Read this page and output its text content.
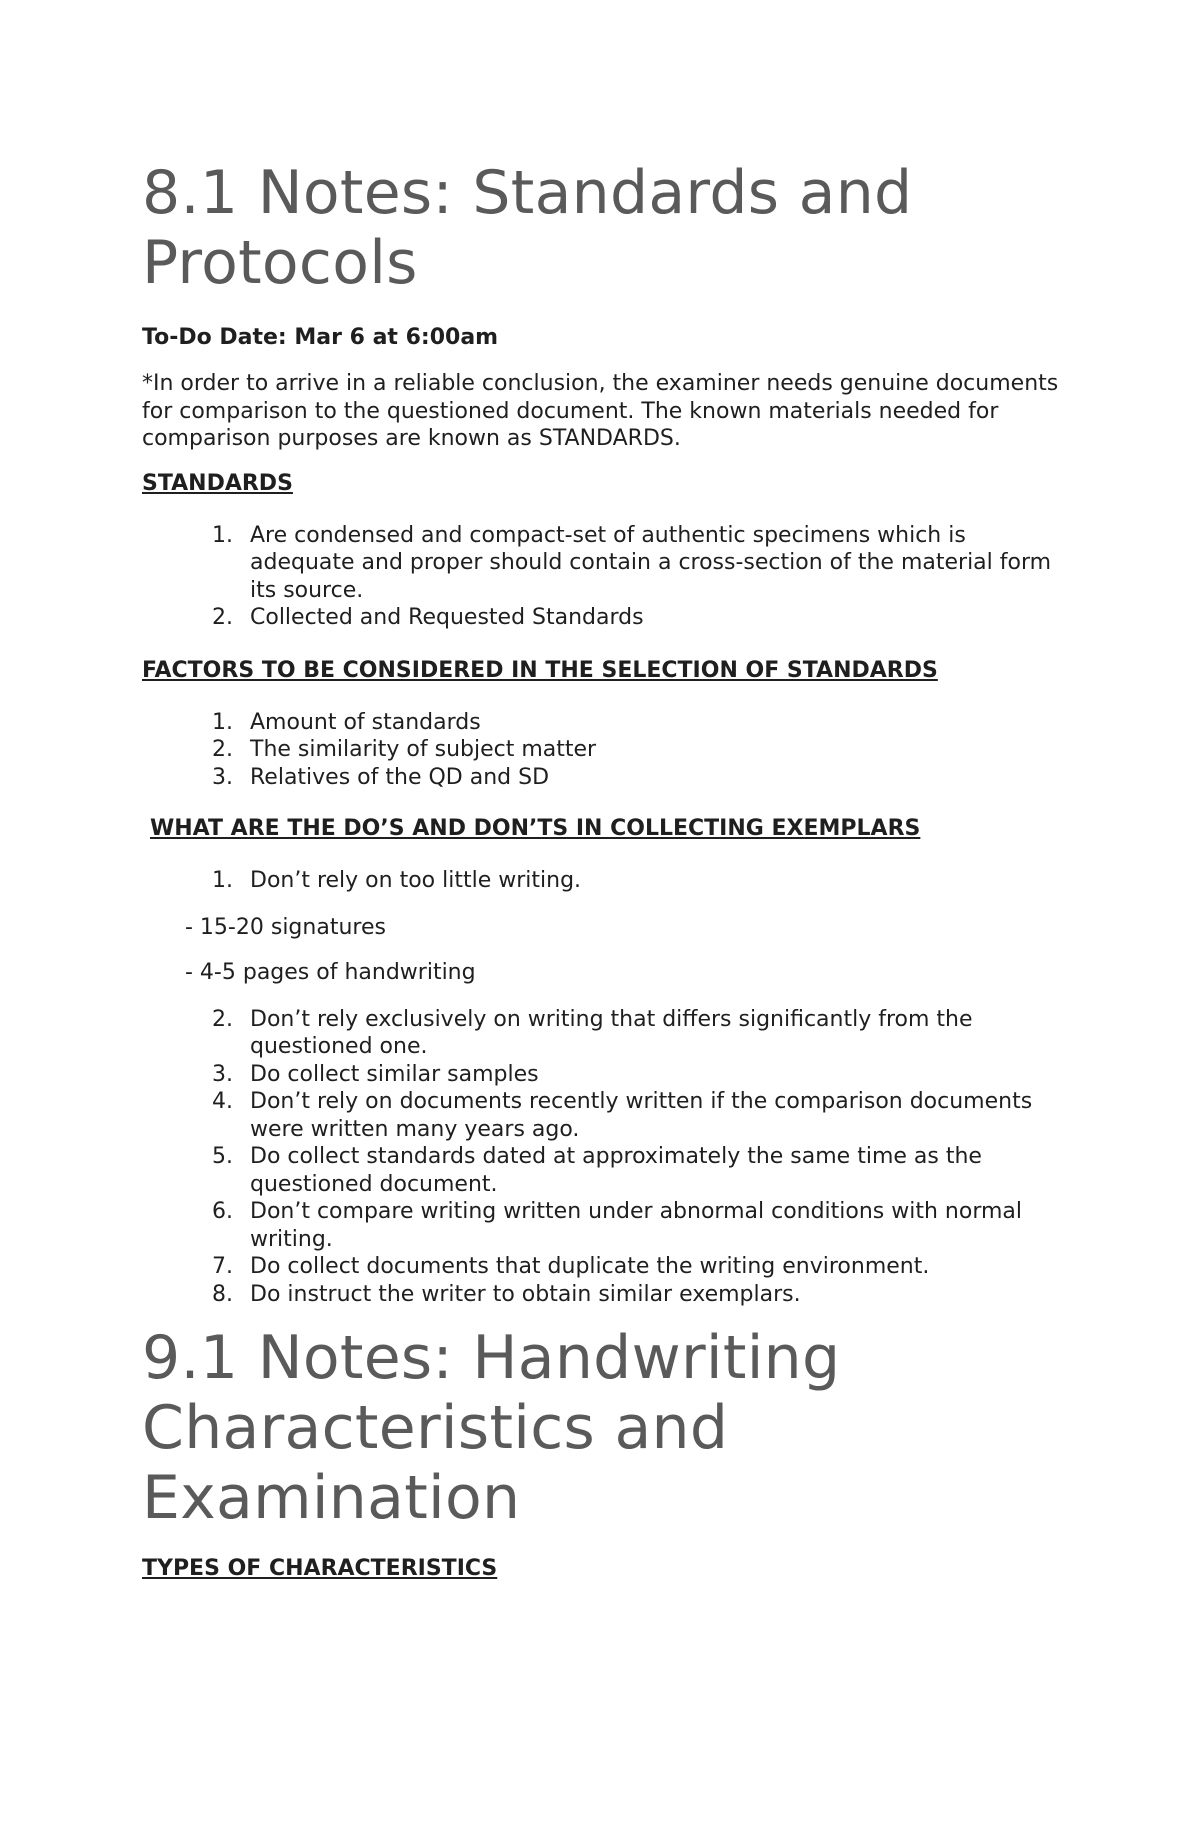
8.1 Notes: Standards and
Protocols
To-Do Date: Mar 6 at 6:00am
*In order to arrive in a reliable conclusion, the examiner needs genuine documents for comparison to the questioned document. The known materials needed for comparison purposes are known as STANDARDS.
STANDARDS
1. Are condensed and compact-set of authentic specimens which is adequate and proper should contain a cross-section of the material form its source.
2. Collected and Requested Standards
FACTORS TO BE CONSIDERED IN THE SELECTION OF STANDARDS
1. Amount of standards
2. The similarity of subject matter
3. Relatives of the QD and SD
WHAT ARE THE DO’S AND DON’TS IN COLLECTING EXEMPLARS
1. Don’t rely on too little writing.
- 15-20 signatures
- 4-5 pages of handwriting
2. Don’t rely exclusively on writing that differs significantly from the questioned one.
3. Do collect similar samples
4. Don’t rely on documents recently written if the comparison documents were written many years ago.
5. Do collect standards dated at approximately the same time as the questioned document.
6. Don’t compare writing written under abnormal conditions with normal writing.
7. Do collect documents that duplicate the writing environment.
8. Do instruct the writer to obtain similar exemplars.
9.1 Notes: Handwriting
Characteristics and
Examination
TYPES OF CHARACTERISTICS
